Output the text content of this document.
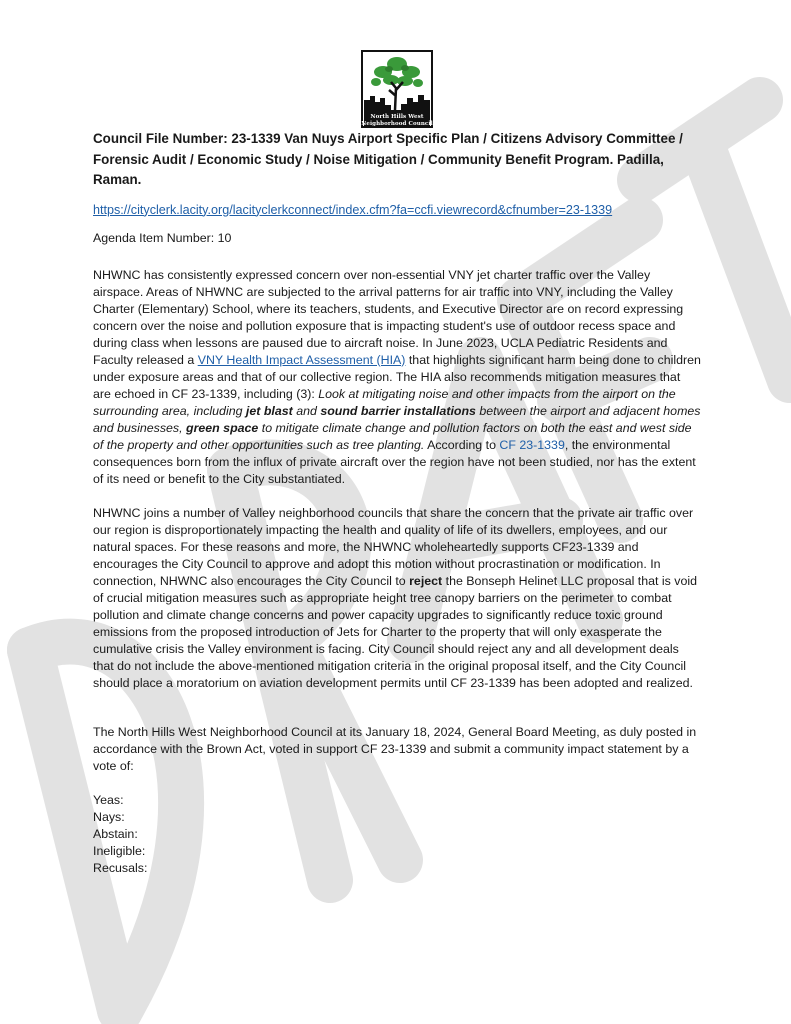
North Hills West
Neighborhood Council
Council File Number: 23-1339 Van Nuys Airport Specific Plan / Citizens Advisory Committee / Forensic Audit / Economic Study / Noise Mitigation / Community Benefit Program. Padilla, Raman.
https://cityclerk.lacity.org/lacityclerkconnect/index.cfm?fa=ccfi.viewrecord&cfnumber=23-1339
Agenda Item Number: 10

NHWNC has consistently expressed concern over non-essential VNY jet charter traffic over the Valley airspace. Areas of NHWNC are subjected to the arrival patterns for air traffic into VNY, including the Valley Charter (Elementary) School, where its teachers, students, and Executive Director are on record expressing concern over the noise and pollution exposure that is impacting student's use of outdoor recess space and during class when lessons are paused due to aircraft noise. In June 2023, UCLA Pediatric Residents and Faculty released a VNY Health Impact Assessment (HIA) that highlights significant harm being done to children under exposure areas and that of our collective region. The HIA also recommends mitigation measures that are echoed in CF 23-1339, including (3): Look at mitigating noise and other impacts from the airport on the surrounding area, including jet blast and sound barrier installations between the airport and adjacent homes and businesses, green space to mitigate climate change and pollution factors on both the east and west side of the property and other opportunities such as tree planting. According to CF 23-1339, the environmental consequences born from the influx of private aircraft over the region have not been studied, nor has the extent of its need or benefit to the City substantiated.

NHWNC joins a number of Valley neighborhood councils that share the concern that the private air traffic over our region is disproportionately impacting the health and quality of life of its dwellers, employees, and our natural spaces. For these reasons and more, the NHWNC wholeheartedly supports CF23-1339 and encourages the City Council to approve and adopt this motion without procrastination or modification. In connection, NHWNC also encourages the City Council to reject the Bonseph Helinet LLC proposal that is void of crucial mitigation measures such as appropriate height tree canopy barriers on the perimeter to combat pollution and climate change concerns and power capacity upgrades to significantly reduce toxic ground emissions from the proposed introduction of Jets for Charter to the property that will only exasperate the cumulative crisis the Valley environment is facing. City Council should reject any and all development deals that do not include the above-mentioned mitigation criteria in the original proposal itself, and the City Council should place a moratorium on aviation development permits until CF 23-1339 has been adopted and realized.

The North Hills West Neighborhood Council at its January 18, 2024, General Board Meeting, as duly posted in accordance with the Brown Act, voted in support CF 23-1339 and submit a community impact statement by a vote of:

Yeas:
Nays:
Abstain:
Ineligible:
Recusals:
